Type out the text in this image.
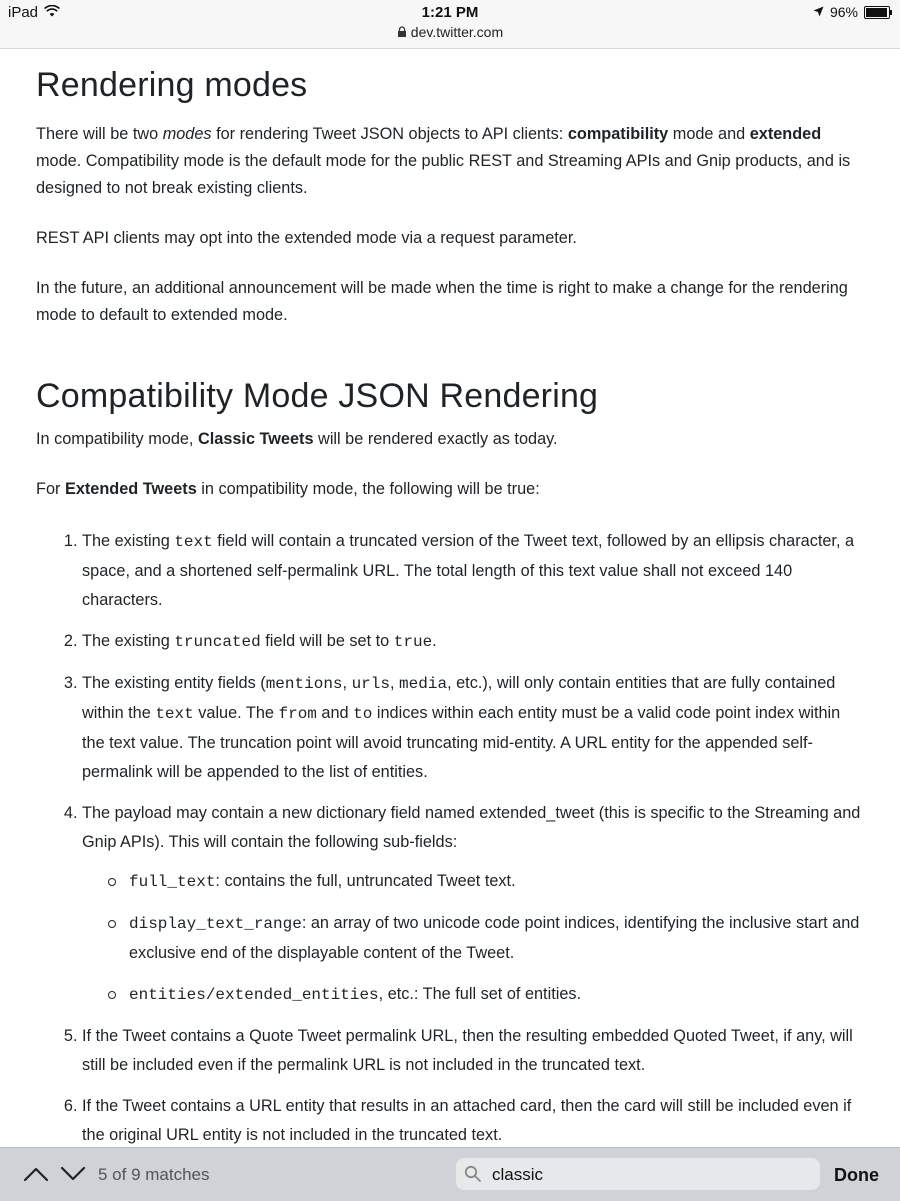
iPad	1:21 PM
dev.twitter.com
96%
Rendering modes

There will be two modes for rendering Tweet JSON objects to API clients: compatibility mode and extended mode. Compatibility mode is the default mode for the public REST and Streaming APIs and Gnip products, and is designed to not break existing clients.

REST API clients may opt into the extended mode via a request parameter.

In the future, an additional announcement will be made when the time is right to make a change for the rendering mode to default to extended mode.

Compatibility Mode JSON Rendering

In compatibility mode, Classic Tweets will be rendered exactly as today.

For Extended Tweets in compatibility mode, the following will be true:

1. The existing text field will contain a truncated version of the Tweet text, followed by an ellipsis character, a space, and a shortened self-permalink URL. The total length of this text value shall not exceed 140 characters.
2. The existing truncated field will be set to true.
3. The existing entity fields (mentions, urls, media, etc.), will only contain entities that are fully contained within the text value. The from and to indices within each entity must be a valid code point index within the text value. The truncation point will avoid truncating mid-entity. A URL entity for the appended self-permalink will be appended to the list of entities.
4. The payload may contain a new dictionary field named extended_tweet (this is specific to the Streaming and Gnip APIs). This will contain the following sub-fields:
full_text: contains the full, untruncated Tweet text.
display_text_range: an array of two unicode code point indices, identifying the inclusive start and exclusive end of the displayable content of the Tweet.
entities/extended_entities, etc.: The full set of entities.
5. If the Tweet contains a Quote Tweet permalink URL, then the resulting embedded Quoted Tweet, if any, will still be included even if the permalink URL is not included in the truncated text.
6. If the Tweet contains a URL entity that results in an attached card, then the card will still be included even if the original URL entity is not included in the truncated text.
5 of 9 matches
classic	Done
